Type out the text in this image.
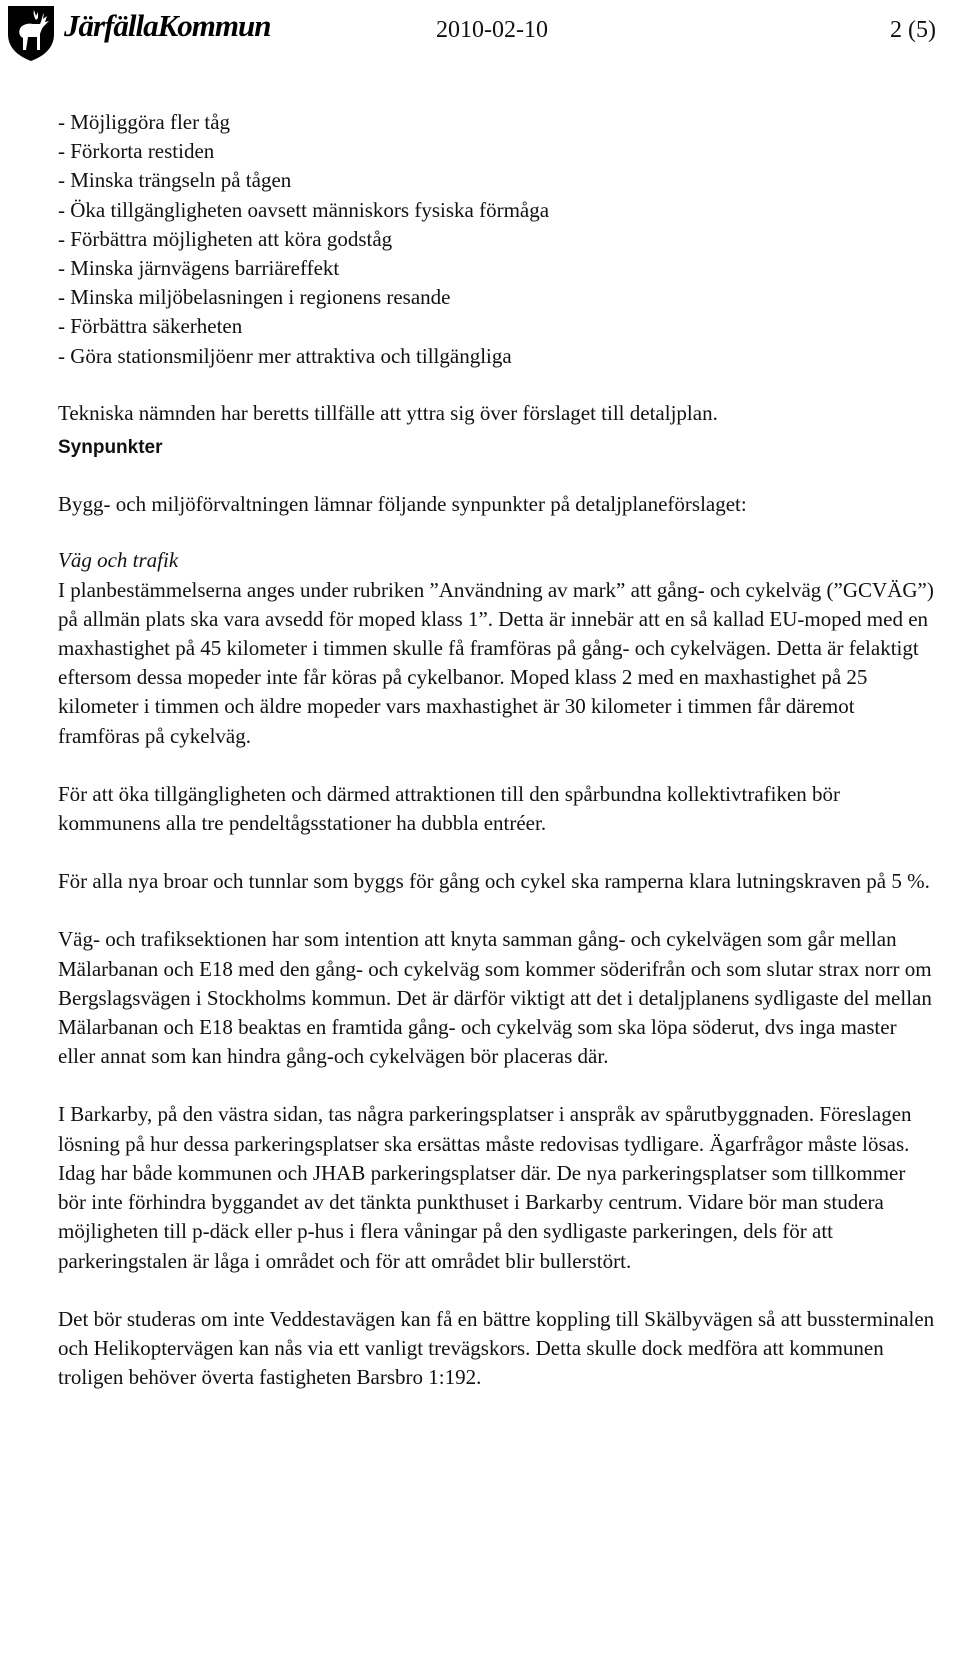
JärfällaKommun	2010-02-10	2 (5)
- Möjliggöra fler tåg
- Förkorta restiden
- Minska trängseln på tågen
- Öka tillgängligheten oavsett människors fysiska förmåga
- Förbättra möjligheten att köra godståg
- Minska järnvägens barriäreffekt
- Minska miljöbelasningen i regionens resande
- Förbättra säkerheten
- Göra stationsmiljöenr mer attraktiva och tillgängliga

Tekniska nämnden har beretts tillfälle att yttra sig över förslaget till detaljplan.

Synpunkter

Bygg- och miljöförvaltningen lämnar följande synpunkter på detaljplaneförslaget:

Väg och trafik

I planbestämmelserna anges under rubriken ”Användning av mark” att gång- och cykelväg (”GCVÄG”) på allmän plats ska vara avsedd för moped klass 1”. Detta är innebär att en så kallad EU-moped med en maxhastighet på 45 kilometer i timmen skulle få framföras på gång- och cykelvägen. Detta är felaktigt eftersom dessa mopeder inte får köras på cykelbanor. Moped klass 2 med en maxhastighet på 25 kilometer i timmen och äldre mopeder vars maxhastighet är 30 kilometer i timmen får däremot framföras på cykelväg.

För att öka tillgängligheten och därmed attraktionen till den spårbundna kollektivtrafiken bör kommunens alla tre pendeltågsstationer ha dubbla entréer.

För alla nya broar och tunnlar som byggs för gång och cykel ska ramperna klara lutningskraven på 5 %.

Väg- och trafiksektionen har som intention att knyta samman gång- och cykelvägen som går mellan Mälarbanan och E18 med den gång- och cykelväg som kommer söderifrån och som slutar strax norr om Bergslagsvägen i Stockholms kommun. Det är därför viktigt att det i detaljplanens sydligaste del mellan Mälarbanan och E18 beaktas en framtida gång- och cykelväg som ska löpa söderut, dvs inga master eller annat som kan hindra gång-och cykelvägen bör placeras där.

I Barkarby, på den västra sidan, tas några parkeringsplatser i anspråk av spårutbyggnaden. Föreslagen lösning på hur dessa parkeringsplatser ska ersättas måste redovisas tydligare. Ägarfrågor måste lösas. Idag har både kommunen och JHAB parkeringsplatser där. De nya parkeringsplatser som tillkommer bör inte förhindra byggandet av det tänkta punkthuset i Barkarby centrum. Vidare bör man studera möjligheten till p-däck eller p-hus i flera våningar på den sydligaste parkeringen, dels för att parkeringstalen är låga i området och för att området blir bullerstört.

Det bör studeras om inte Veddestavägen kan få en bättre koppling till Skälbyvägen så att bussterminalen och Helikoptervägen kan nås via ett vanligt trevägskors. Detta skulle dock medföra att kommunen troligen behöver överta fastigheten Barsbro 1:192.
